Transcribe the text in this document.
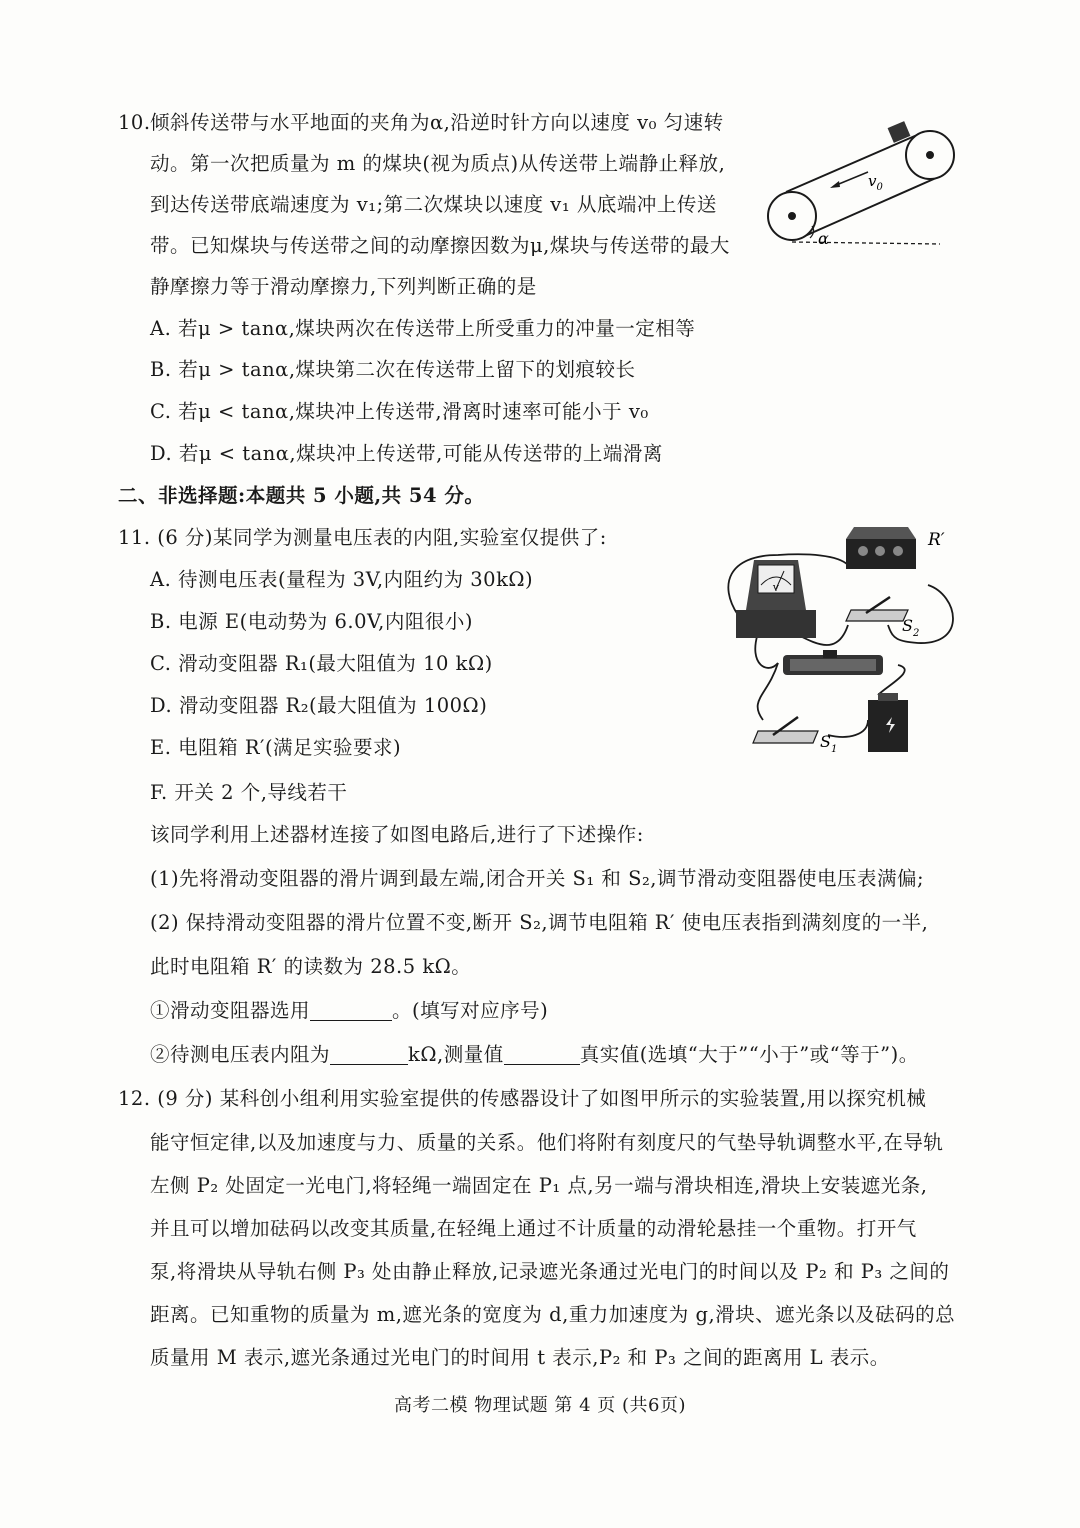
10. 倾斜传送带与水平地面的夹角为α,沿逆时针方向以速度 v₀ 匀速转
动。第一次把质量为 m 的煤块(视为质点)从传送带上端静止释放,
到达传送带底端速度为 v₁;第二次煤块以速度 v₁ 从底端冲上传送
带。已知煤块与传送带之间的动摩擦因数为μ,煤块与传送带的最大
静摩擦力等于滑动摩擦力,下列判断正确的是
A. 若μ > tanα,煤块两次在传送带上所受重力的冲量一定相等
B. 若μ > tanα,煤块第二次在传送带上留下的划痕较长
C. 若μ < tanα,煤块冲上传送带,滑离时速率可能小于 v₀
D. 若μ < tanα,煤块冲上传送带,可能从传送带的上端滑离
$v_0$
α
二、非选择题:本题共 5 小题,共 54 分。
11. (6 分)某同学为测量电压表的内阻,实验室仅提供了:
A. 待测电压表(量程为 3V,内阻约为 30kΩ)
B. 电源 E(电动势为 6.0V,内阻很小)
C. 滑动变阻器 R₁(最大阻值为 10 kΩ)
D. 滑动变阻器 R₂(最大阻值为 100Ω)
E. 电阻箱 R′(满足实验要求)
F. 开关 2 个,导线若干
该同学利用上述器材连接了如图电路后,进行了下述操作:
(1)先将滑动变阻器的滑片调到最左端,闭合开关 S₁ 和 S₂,调节滑动变阻器使电压表满偏;
(2) 保持滑动变阻器的滑片位置不变,断开 S₂,调节电阻箱 R′ 使电压表指到满刻度的一半,
此时电阻箱 R′ 的读数为 28.5 kΩ。
①滑动变阻器选用	。(填写对应序号)
②待测电压表内阻为	kΩ,测量值	真实值(选填“大于”“小于”或“等于”)。
V
R′
$S_2$
$S_1$
12. (9 分) 某科创小组利用实验室提供的传感器设计了如图甲所示的实验装置,用以探究机械
能守恒定律,以及加速度与力、质量的关系。他们将附有刻度尺的气垫导轨调整水平,在导轨
左侧 P₂ 处固定一光电门,将轻绳一端固定在 P₁ 点,另一端与滑块相连,滑块上安装遮光条,
并且可以增加砝码以改变其质量,在轻绳上通过不计质量的动滑轮悬挂一个重物。打开气
泵,将滑块从导轨右侧 P₃ 处由静止释放,记录遮光条通过光电门的时间以及 P₂ 和 P₃ 之间的
距离。已知重物的质量为 m,遮光条的宽度为 d,重力加速度为 g,滑块、遮光条以及砝码的总
质量用 M 表示,遮光条通过光电门的时间用 t 表示,P₂ 和 P₃ 之间的距离用 L 表示。
高考二模 物理试题 第 4 页 (共6页)
